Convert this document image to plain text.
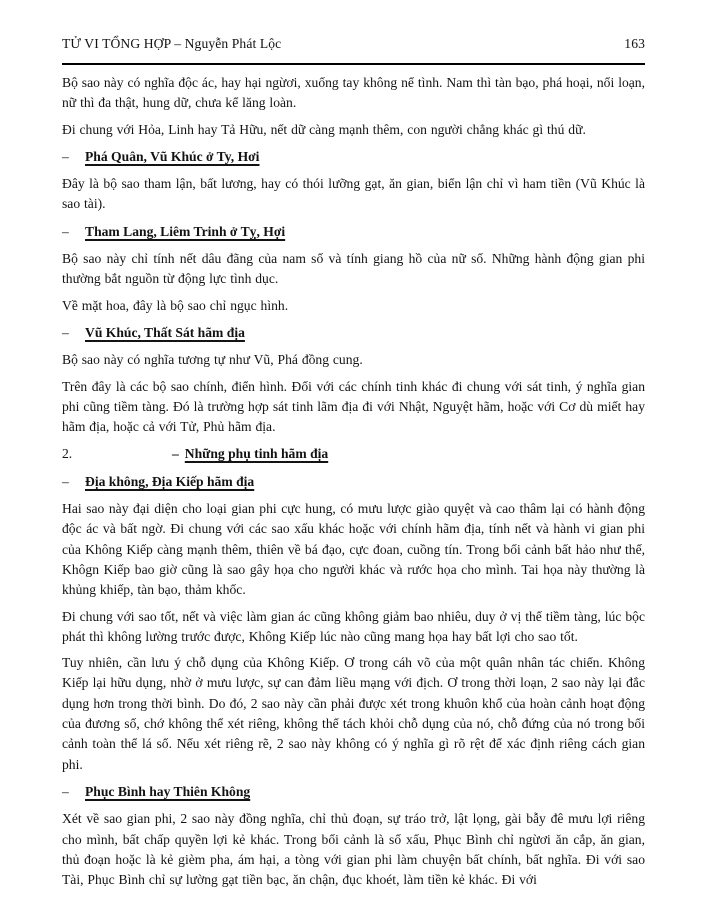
TỬ VI TỔNG HỢP – Nguyễn Phát Lộc	163

Bộ sao này có nghĩa độc ác, hay hại ngừơi, xuống tay không nể tình. Nam thì tàn bạo, phá hoại, nổi loạn, nữ thì đa thật, hung dữ, chưa kể lăng loàn.

Đi chung với Hỏa, Linh hay Tả Hữu, nết dữ càng mạnh thêm, con người chẳng khác gì thú dữ.

– Phá Quân, Vũ Khúc ở Ty, Hơi

Đây là bộ sao tham lận, bất lương, hay có thói lưỡng gạt, ăn gian, biển lận chỉ vì ham tiền (Vũ Khúc là sao tài).

– Tham Lang, Liêm Trinh ở Tỵ, Hợi

Bộ sao này chỉ tính nết dâu đãng của nam số và tính giang hồ của nữ số. Những hành động gian phi thường bắt nguồn từ động lực tình dục.

Về mặt hoa, đây là bộ sao chỉ ngục hình.

– Vũ Khúc, Thất Sát hãm địa

Bộ sao này có nghĩa tương tự như Vũ, Phá đồng cung.

Trên đây là các bộ sao chính, điển hình. Đối với các chính tinh khác đi chung với sát tinh, ý nghĩa gian phi cũng tiềm tàng. Đó là trường hợp sát tinh lãm địa đi với Nhật, Nguyệt hãm, hoặc với Cơ dù miết hay hãm địa, hoặc cả với Tử, Phủ hãm địa.

2.	– Những phụ tinh hãm địa
– Địa không, Địa Kiếp hãm địa

Hai sao này đại diện cho loại gian phi cực hung, có mưu lược giào quyệt và cao thâm lại có hành động độc ác và bất ngờ. Đi chung với các sao xấu khác hoặc với chính hãm địa, tính nết và hành vi gian phi của Không Kiếp càng mạnh thêm, thiên về bá đạo, cực đoan, cuồng tín. Trong bối cảnh bất hảo như thế, Khôgn Kiếp bao giờ cũng là sao gây họa cho người khác và rước họa cho mình. Tai họa này thường là khủng khiếp, tàn bạo, thảm khốc.

Đi chung với sao tốt, nết và việc làm gian ác cũng không giảm bao nhiêu, duy ở vị thế tiềm tàng, lúc bộc phát thì không lường trước được, Không Kiếp lúc nào cũng mang họa hay bất lợi cho sao tốt.

Tuy nhiên, cần lưu ý chỗ dụng của Không Kiếp. Ơ trong cáh võ của một quân nhân tác chiến. Không Kiếp lại hữu dụng, nhờ ở mưu lược, sự can đảm liều mạng với địch. Ơ trong thời loạn, 2 sao này lại đắc dụng hơn trong thời bình. Do đó, 2 sao này cần phải được xét trong khuôn khổ của hoàn cảnh hoạt động của đương số, chớ không thể xét riêng, không thể tách khỏi chỗ dụng của nó, chỗ đứng của nó trong bối cảnh toàn thể lá số. Nếu xét riêng rẽ, 2 sao này không có ý nghĩa gì rõ rệt để xác định riêng cách gian phi.

– Phục Bình hay Thiên Không

Xét về sao gian phi, 2 sao này đồng nghĩa, chỉ thủ đoạn, sự tráo trở, lật lọng, gài bẫy đê mưu lợi riêng cho mình, bất chấp quyền lợi kẻ khác. Trong bối cảnh là số xấu, Phục Bình chỉ ngừơi ăn cắp, ăn gian, thủ đoạn hoặc là kẻ gièm pha, ám hại, a tòng với gian phi làm chuyện bất chính, bất nghĩa. Đi với sao Tài, Phục Bình chỉ sự lường gạt tiền bạc, ăn chận, đục khoét, làm tiền kẻ khác. Đi với
